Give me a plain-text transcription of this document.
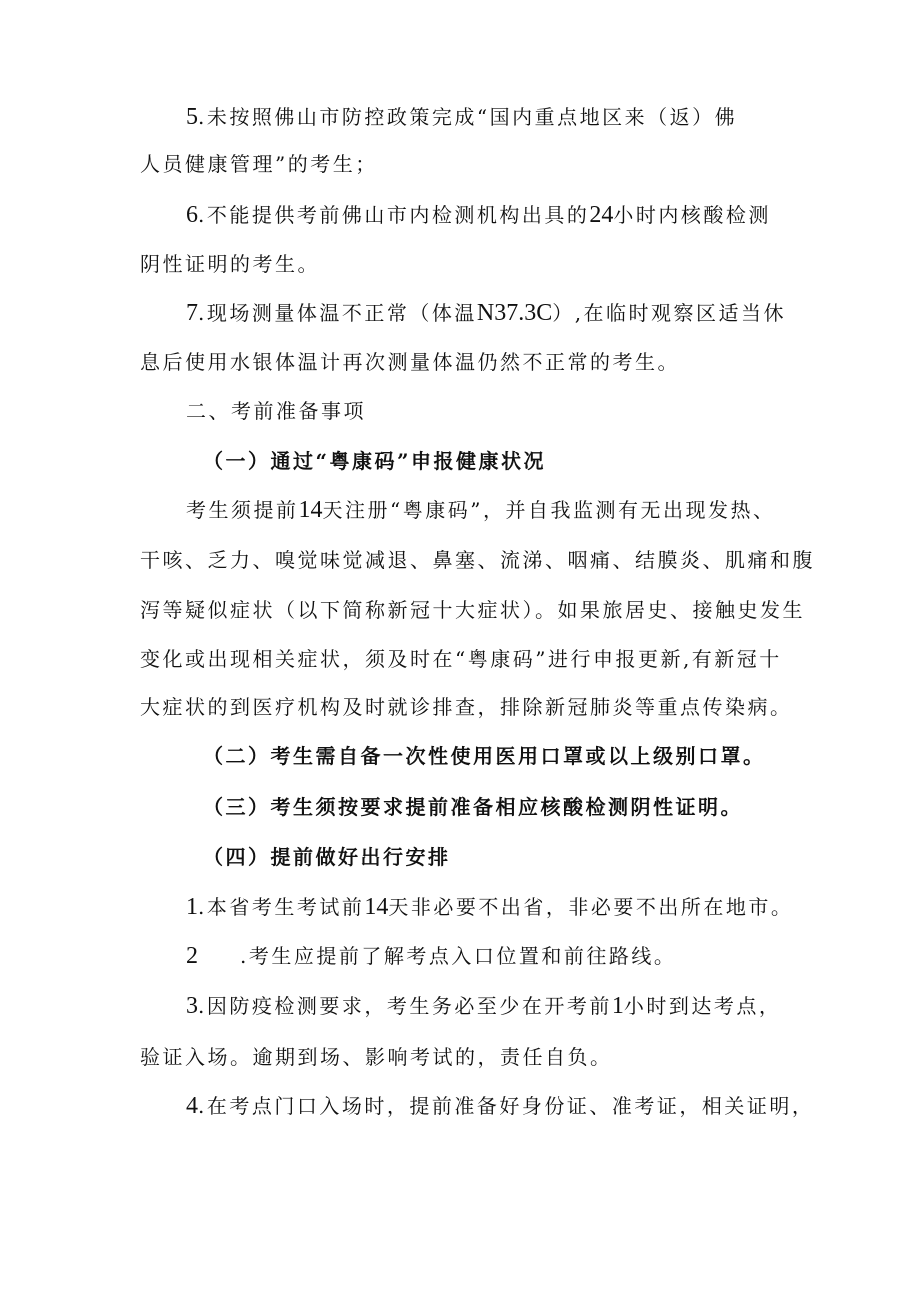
5.未按照佛山市防控政策完成“国内重点地区来（返）佛
人员健康管理”的考生；
6.不能提供考前佛山市内检测机构出具的24小时内核酸检测
阴性证明的考生。
7.现场测量体温不正常（体温N37.3C）,在临时观察区适当休
息后使用水银体温计再次测量体温仍然不正常的考生。
二、考前准备事项
（一）通过“粤康码”申报健康状况
考生须提前14天注册“粤康码”，并自我监测有无出现发热、
干咳、乏力、嗅觉味觉减退、鼻塞、流涕、咽痛、结膜炎、肌痛和腹
泻等疑似症状（以下简称新冠十大症状）。如果旅居史、接触史发生
变化或出现相关症状，须及时在“粤康码”进行申报更新,有新冠十
大症状的到医疗机构及时就诊排查，排除新冠肺炎等重点传染病。
（二）考生需自备一次性使用医用口罩或以上级别口罩。
（三）考生须按要求提前准备相应核酸检测阴性证明。
（四）提前做好出行安排
1.本省考生考试前14天非必要不出省，非必要不出所在地市。
2 .考生应提前了解考点入口位置和前往路线。
3.因防疫检测要求，考生务必至少在开考前1小时到达考点，
验证入场。逾期到场、影响考试的，责任自负。
4.在考点门口入场时，提前准备好身份证、准考证，相关证明，
